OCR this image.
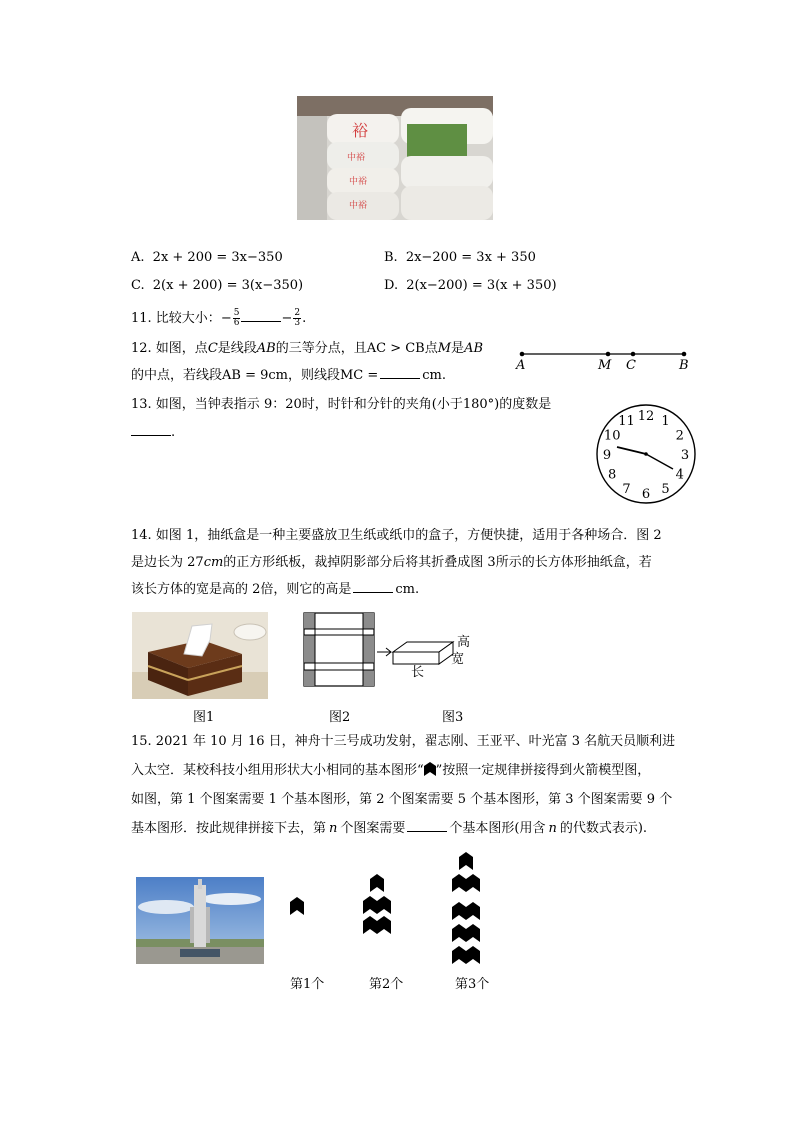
裕
中裕
中裕
中裕
A. 2x + 200 = 3x−350	B. 2x−200 = 3x + 350
C. 2(x + 200) = 3(x−350)	D. 2(x−200) = 3(x + 350)
11. 比较大小：− $\frac{5}{6}$	− $\frac{2}{3}$ .
12. 如图，点C是线段AB的三等分点，且AC > CB点M是AB
的中点，若线段AB = 9cm，则线段MC =	cm.
A	M C	B
13. 如图，当钟表指示 9：20时，时针和分针的夹角(小于180°)的度数是
.
12 1
2
3
4
5
6
7
8
9
10
11
14. 如图 1，抽纸盒是一种主要盛放卫生纸或纸巾的盒子，方便快捷，适用于各种场合．图 2
是边长为 27cm的正方形纸板，裁掉阴影部分后将其折叠成图 3所示的长方体形抽纸盒，若
该长方体的宽是高的 2倍，则它的高是	cm.
高
宽
长
图1	图2	图3
15. 2021 年 10 月 16 日，神舟十三号成功发射，翟志刚、王亚平、叶光富 3 名航天员顺利进
入太空．某校科技小组用形状大小相同的基本图形“ ”按照一定规律拼接得到火箭模型图，
如图，第 1 个图案需要 1 个基本图形，第 2 个图案需要 5 个基本图形，第 3 个图案需要 9 个
基本图形．按此规律拼接下去，第 n 个图案需要	个基本图形(用含 n 的代数式表示).
第1个	第2个	第3个
